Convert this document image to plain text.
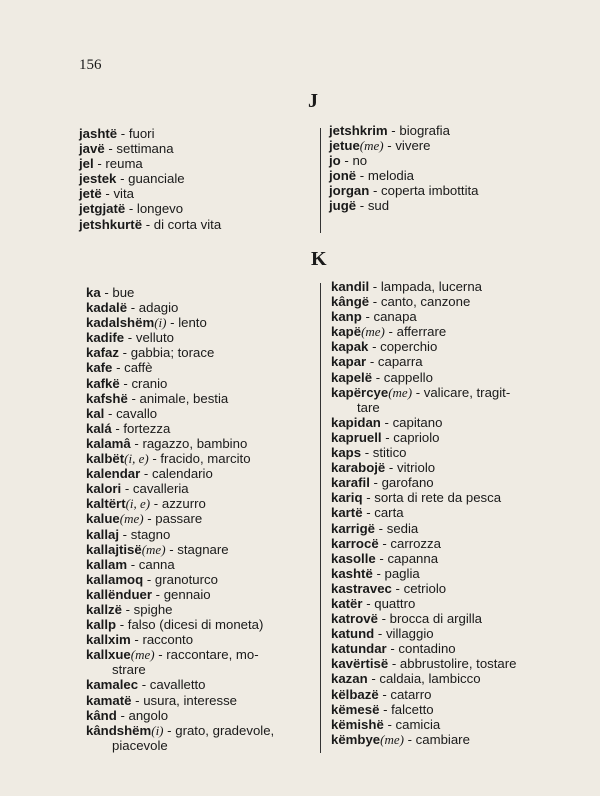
156
J
jashtë - fuori
javë - settimana
jel - reuma
jestek - guanciale
jetë - vita
jetgjatë - longevo
jetshkurtë - di corta vita
jetshkrim - biografia
jetue(me) - vivere
jo - no
jonë - melodia
jorgan - coperta imbottita
jugë - sud
K
ka - bue
kadalë - adagio
kadalshëm(i) - lento
kadife - velluto
kafaz - gabbia; torace
kafe - caffè
kafkë - cranio
kafshë - animale, bestia
kal - cavallo
kalá - fortezza
kalamâ - ragazzo, bambino
kalbët(i, e) - fracido, marcito
kalendar - calendario
kalori - cavalleria
kaltërt(i, e) - azzurro
kalue(me) - passare
kallaj - stagno
kallajtisë(me) - stagnare
kallam - canna
kallamoq - granoturco
kallënduer - gennaio
kallzë - spighe
kallp - falso (dicesi di moneta)
kallxim - racconto
kallxue(me) - raccontare, mo-
strare
kamalec - cavalletto
kamatë - usura, interesse
kând - angolo
kândshëm(i) - grato, gradevole,
piacevole
kandil - lampada, lucerna
kângë - canto, canzone
kanp - canapa
kapë(me) - afferrare
kapak - coperchio
kapar - caparra
kapelë - cappello
kapërcye(me) - valicare, tragit-
tare
kapidan - capitano
kapruell - capriolo
kaps - stitico
karabojë - vitriolo
karafil - garofano
kariq - sorta di rete da pesca
kartë - carta
karrigë - sedia
karrocë - carrozza
kasolle - capanna
kashtë - paglia
kastravec - cetriolo
katër - quattro
katrovë - brocca di argilla
katund - villaggio
katundar - contadino
kavërtisë - abbrustolire, tostare
kazan - caldaia, lambicco
këlbazë - catarro
këmesë - falcetto
këmishë - camicia
këmbye(me) - cambiare
